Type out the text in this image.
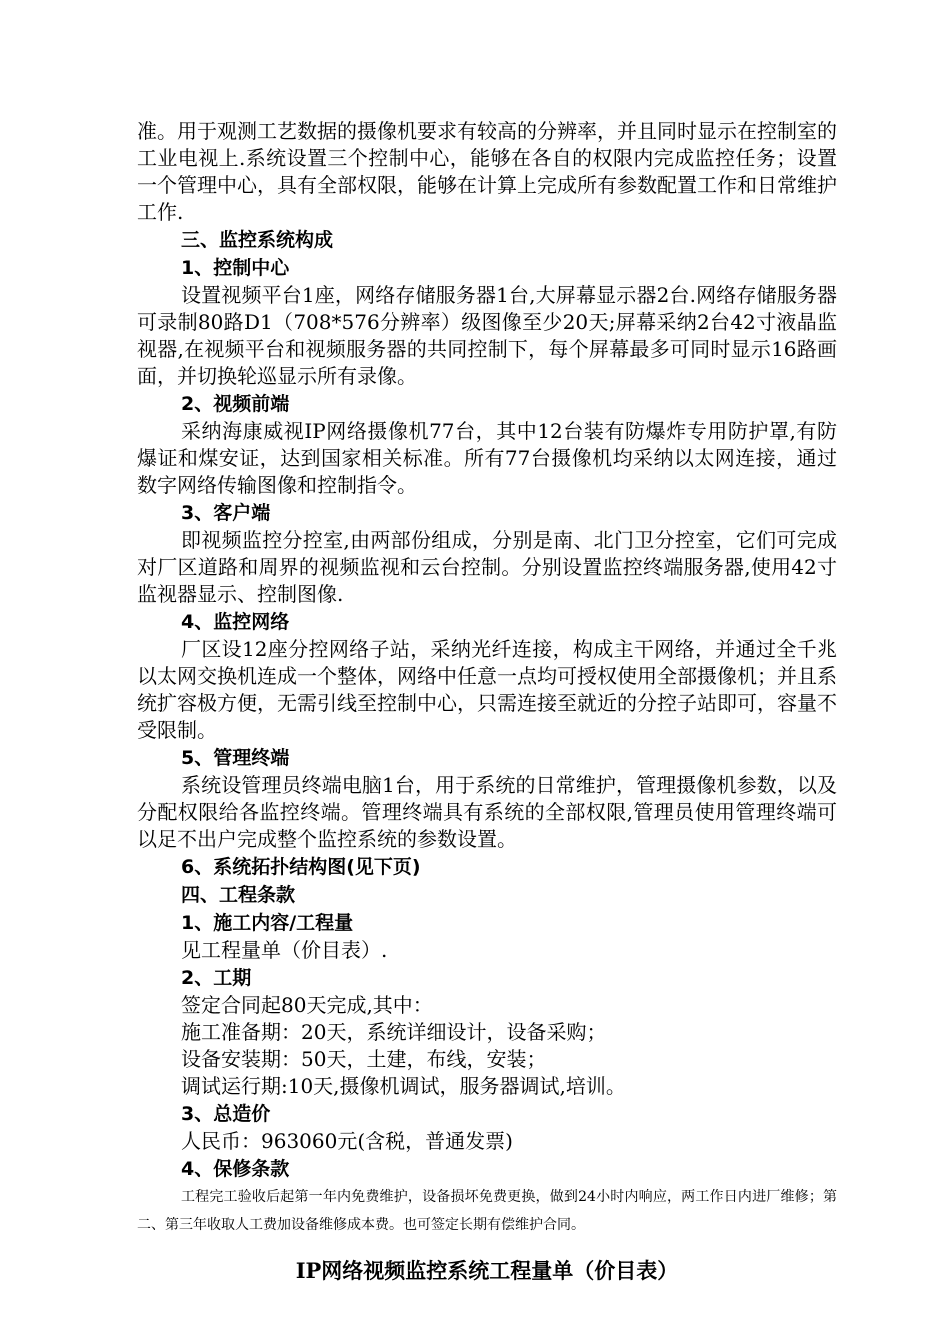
准。用于观测工艺数据的摄像机要求有较高的分辨率，并且同时显示在控制室的工业电视上.系统设置三个控制中心，能够在各自的权限内完成监控任务；设置一个管理中心，具有全部权限，能够在计算上完成所有参数配置工作和日常维护工作.

三、监控系统构成

1、控制中心

设置视频平台1座，网络存储服务器1台,大屏幕显示器2台.网络存储服务器可录制80路D1（708*576分辨率）级图像至少20天;屏幕采纳2台42寸液晶监视器,在视频平台和视频服务器的共同控制下，每个屏幕最多可同时显示16路画面，并切换轮巡显示所有录像。

2、视频前端

采纳海康威视IP网络摄像机77台，其中12台装有防爆炸专用防护罩,有防爆证和煤安证，达到国家相关标准。所有77台摄像机均采纳以太网连接，通过数字网络传输图像和控制指令。

3、客户端

即视频监控分控室,由两部份组成，分别是南、北门卫分控室，它们可完成对厂区道路和周界的视频监视和云台控制。分别设置监控终端服务器,使用42寸监视器显示、控制图像.

4、监控网络

厂区设12座分控网络子站，采纳光纤连接，构成主干网络，并通过全千兆以太网交换机连成一个整体，网络中任意一点均可授权使用全部摄像机；并且系统扩容极方便，无需引线至控制中心，只需连接至就近的分控子站即可，容量不受限制。

5、管理终端

系统设管理员终端电脑1台，用于系统的日常维护，管理摄像机参数，以及分配权限给各监控终端。管理终端具有系统的全部权限,管理员使用管理终端可以足不出户完成整个监控系统的参数设置。

6、系统拓扑结构图(见下页)

四、工程条款

1、施工内容/工程量

见工程量单（价目表）.

2、工期

签定合同起80天完成,其中：

施工准备期：20天，系统详细设计，设备采购；

设备安装期：50天，土建，布线，安装；

调试运行期:10天,摄像机调试，服务器调试,培训。

3、总造价

人民币：963060元(含税，普通发票)

4、保修条款

工程完工验收后起第一年内免费维护，设备损坏免费更换，做到24小时内响应，两工作日内进厂维修；第二、第三年收取人工费加设备维修成本费。也可签定长期有偿维护合同。

IP网络视频监控系统工程量单（价目表）
